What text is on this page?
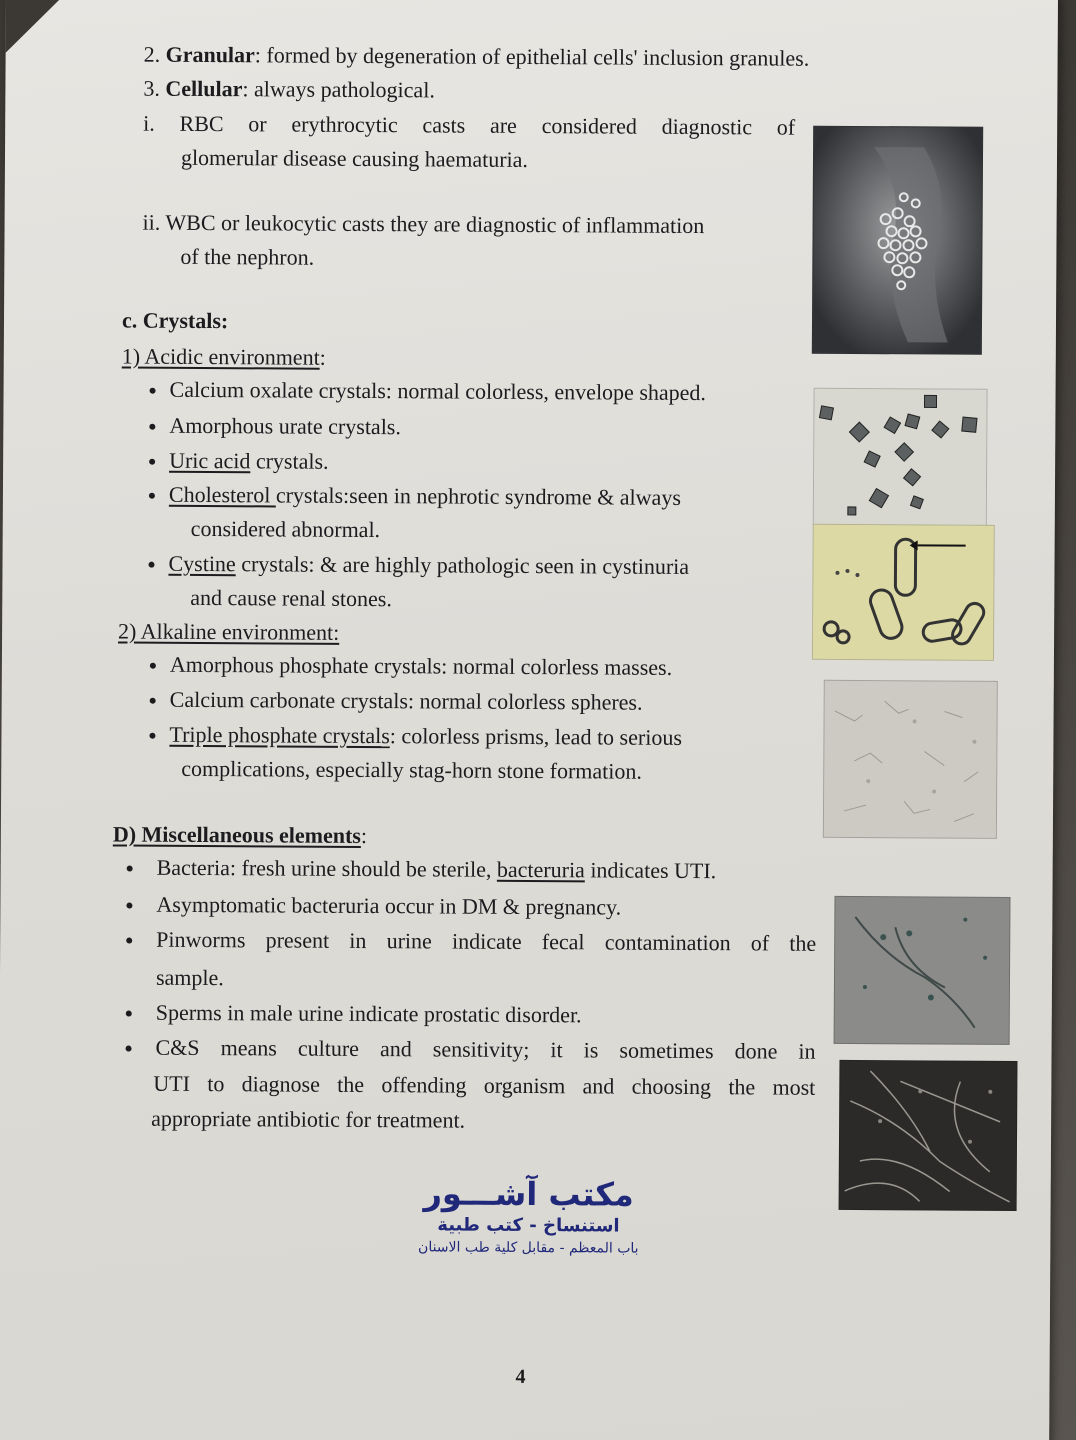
2. Granular: formed by degeneration of epithelial cells' inclusion granules.
3. Cellular: always pathological.
i. RBC or erythrocytic casts are considered diagnostic of
glomerular disease causing haematuria.
ii. WBC or leukocytic casts they are diagnostic of inflammation
of the nephron.
c. Crystals:
1) Acidic environment:
Calcium oxalate crystals: normal colorless, envelope shaped.
Amorphous urate crystals.
Uric acid crystals.
Cholesterol crystals:seen in nephrotic syndrome & always
considered abnormal.
Cystine crystals: & are highly pathologic seen in cystinuria
and cause renal stones.
2) Alkaline environment:
Amorphous phosphate crystals: normal colorless masses.
Calcium carbonate crystals: normal colorless spheres.
Triple phosphate crystals: colorless prisms, lead to serious
complications, especially stag-horn stone formation.
D) Miscellaneous elements:
Bacteria: fresh urine should be sterile, bacteruria indicates UTI.
Asymptomatic bacteruria occur in DM & pregnancy.
Pinworms present in urine indicate fecal contamination of the
sample.
Sperms in male urine indicate prostatic disorder.
C&S means culture and sensitivity; it is sometimes done in
UTI to diagnose the offending organism and choosing the most
appropriate antibiotic for treatment.
مكتب آشـــور
استنساخ - كتب طبية
باب المعظم - مقابل كلية طب الاسنان
4
